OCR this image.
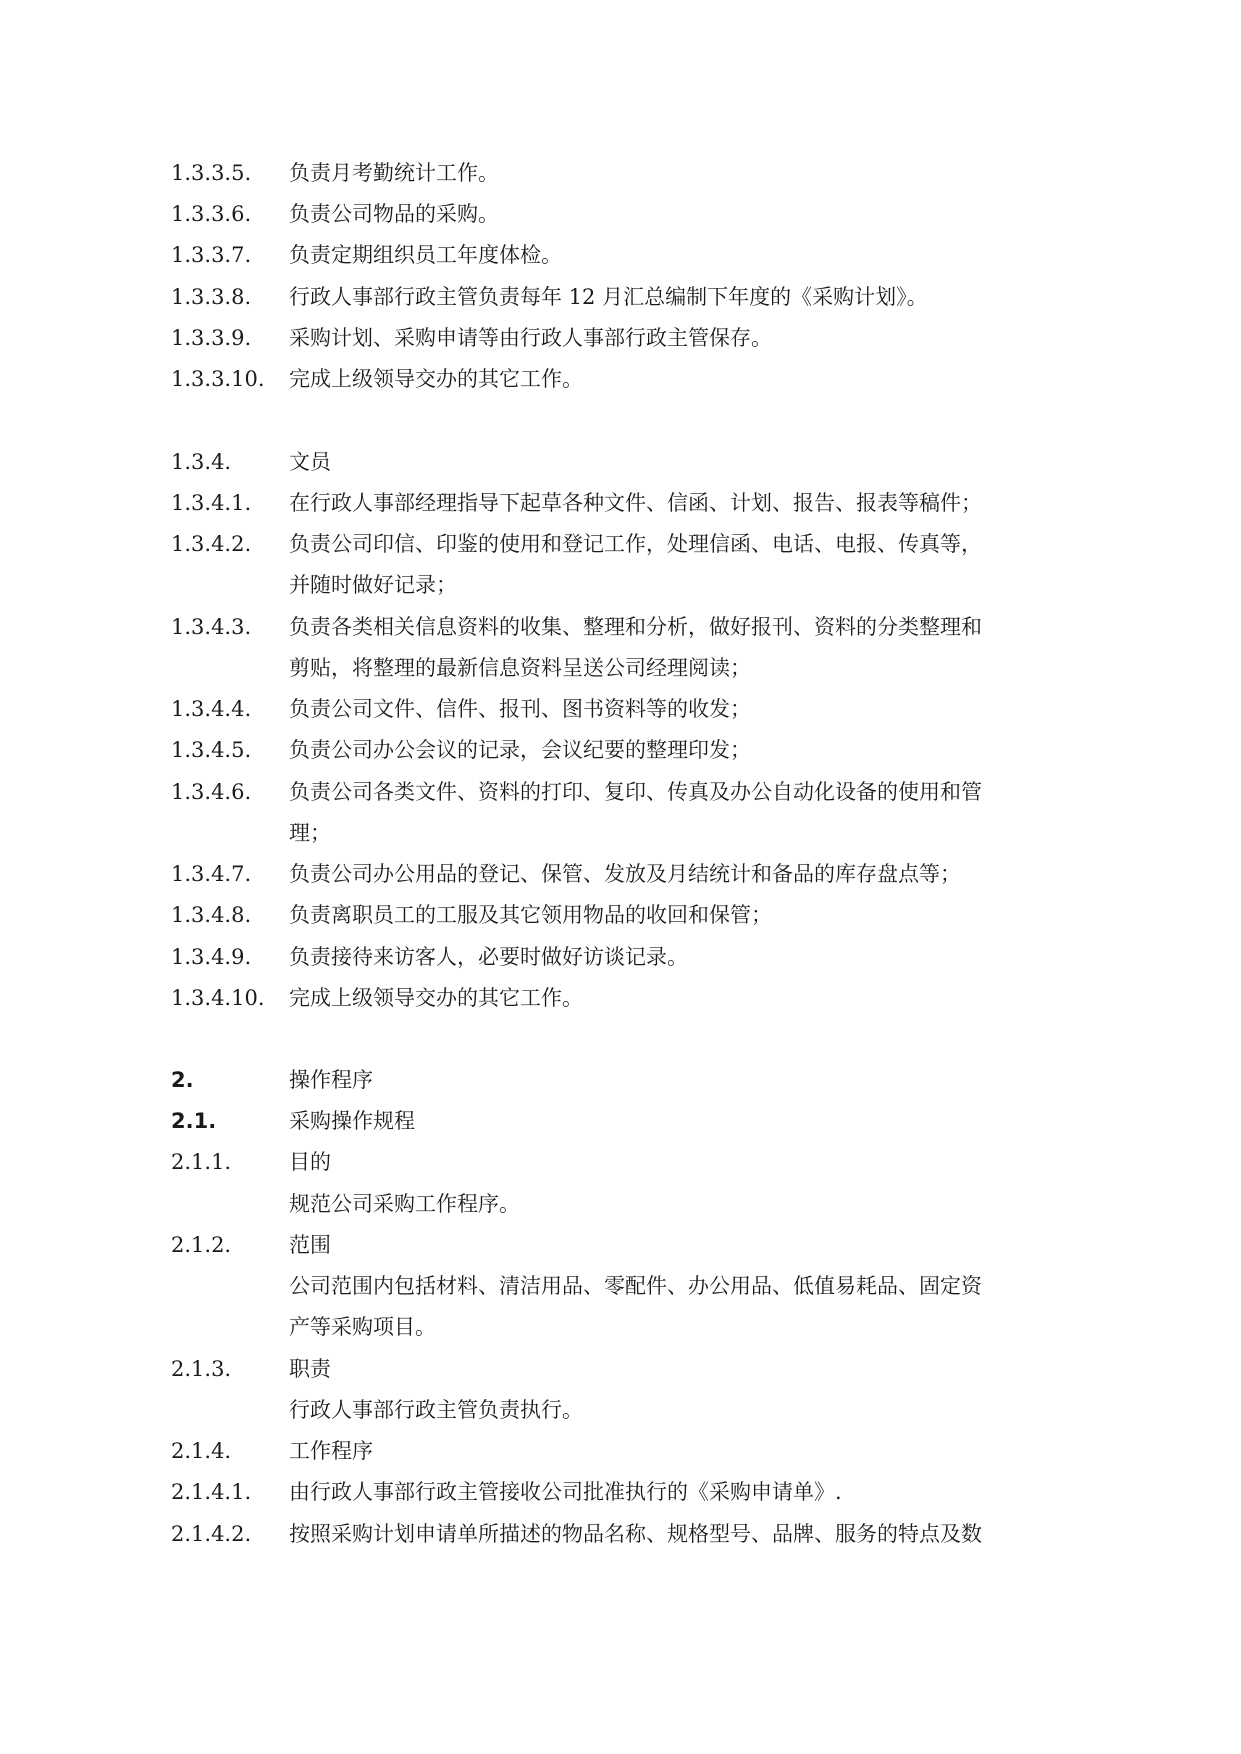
1.3.3.5.	负责月考勤统计工作。
1.3.3.6.	负责公司物品的采购。
1.3.3.7.	负责定期组织员工年度体检。
1.3.3.8.	行政人事部行政主管负责每年 12 月汇总编制下年度的《采购计划》。
1.3.3.9.	采购计划、采购申请等由行政人事部行政主管保存。
1.3.3.10.	完成上级领导交办的其它工作。
1.3.4.	文员
1.3.4.1.	在行政人事部经理指导下起草各种文件、信函、计划、报告、报表等稿件；
1.3.4.2.	负责公司印信、印鉴的使用和登记工作，处理信函、电话、电报、传真等，
并随时做好记录；
1.3.4.3.	负责各类相关信息资料的收集、整理和分析，做好报刊、资料的分类整理和
剪贴，将整理的最新信息资料呈送公司经理阅读；
1.3.4.4.	负责公司文件、信件、报刊、图书资料等的收发；
1.3.4.5.	负责公司办公会议的记录，会议纪要的整理印发；
1.3.4.6.	负责公司各类文件、资料的打印、复印、传真及办公自动化设备的使用和管
理；
1.3.4.7.	负责公司办公用品的登记、保管、发放及月结统计和备品的库存盘点等；
1.3.4.8.	负责离职员工的工服及其它领用物品的收回和保管；
1.3.4.9.	负责接待来访客人，必要时做好访谈记录。
1.3.4.10.	完成上级领导交办的其它工作。
2.	操作程序
2.1.	采购操作规程
2.1.1.	目的
规范公司采购工作程序。
2.1.2.	范围
公司范围内包括材料、清洁用品、零配件、办公用品、低值易耗品、固定资
产等采购项目。
2.1.3.	职责
行政人事部行政主管负责执行。
2.1.4.	工作程序
2.1.4.1.	由行政人事部行政主管接收公司批准执行的《采购申请单》.
2.1.4.2.	按照采购计划申请单所描述的物品名称、规格型号、品牌、服务的特点及数
